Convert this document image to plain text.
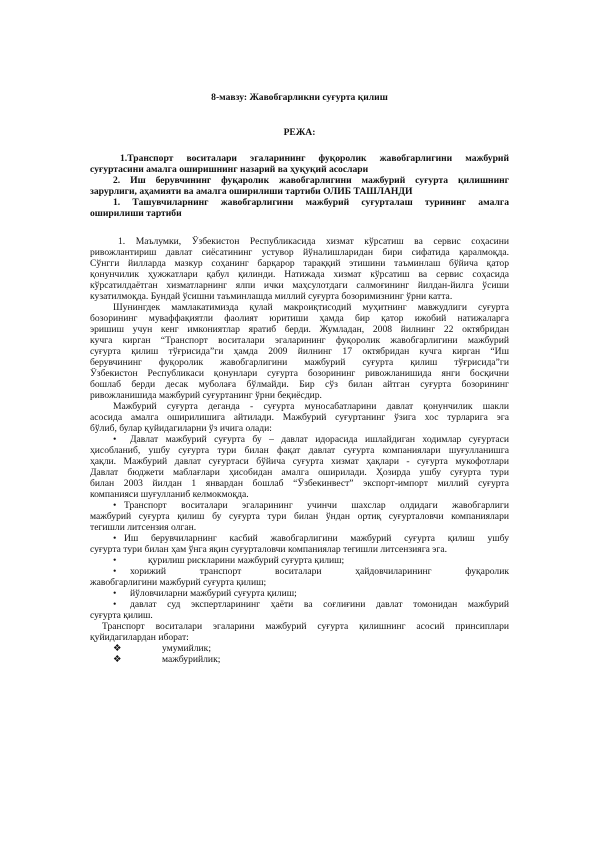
8-мавзу: Жавобгарликни суғурта қилиш
РЕЖА:
1.Транспорт воситалари эгаларининг фуқоролик жавобгарлигини мажбурий
суғуртасини амалга оширишнинг назарий ва ҳуқуқий асослари
2. Иш берувчининг фуқаролик жавобгарлигини мажбурий суғурта қилишнинг
зарурлиги, аҳамияти ва амалга оширилиши тартиби ОЛИБ ТАШЛАНДИ
1. Ташувчиларнинг жавобгарлигини мажбурий суғурталаш турининг амалга
оширилиши тартиби
1. Маълумки, Ўзбекистон Республикасида хизмат кўрсатиш ва сервис соҳасини
ривожлантириш давлат сиёсатининг устувор йўналишларидан бири сифатида қаралмоқда.
Сўнгги йилларда мазкур соҳанинг барқарор тараққий этишини таъминлаш бўйича қатор
қонунчилик ҳужжатлари қабул қилинди. Натижада хизмат кўрсатиш ва сервис соҳасида
кўрсатилдаётган хизматларнинг ялпи ички маҳсулотдаги салмоғининг йилдан-йилга ўсиши
кузатилмоқда. Бундай ўсишни таъминлашда миллий суғурта бозоримизнинг ўрни катта.
Шунингдек мамлакатимизда қулай макроиқтисодий муҳитнинг мавжудлиги суғурта
бозорининг муваффақиятли фаолият юритиши ҳамда бир қатор ижобий натижаларга
эришиш учун кенг имкониятлар яратиб берди. Жумладан, 2008 йилнинг 22 октябридан
кучга кирган “Транспорт воситалари эгаларининг фуқоролик жавобгарлигини мажбурий
суғурта қилиш тўғрисида”ги ҳамда 2009 йилнинг 17 октябридан кучга кирган “Иш
берувчининг фуқоролик жавобгарлигини мажбурий суғурта қилиш тўғрисида”ги
Ўзбекистон Республикаси қонунлари суғурта бозорининг ривожланишида янги босқични
бошлаб берди десак муболаға бўлмайди. Бир сўз билан айтган суғурта бозорининг
ривожланишида мажбурий суғуртанинг ўрни беқиёсдир.
Мажбурий суғурта деганда - суғурта муносабатларини давлат қонунчилик шакли
асосида амалга оширилишига айтилади. Мажбурий суғуртанинг ўзига хос турларига эга
бўлиб, булар қуйидагиларни ўз ичига олади:
•	Давлат мажбурий суғурта бу – давлат идорасида ишлайдиган ходимлар суғуртаси
ҳисобланиб, ушбу суғурта тури билан фақат давлат суғурта компаниялари шуғулланишга
ҳақли. Мажбурий давлат суғуртаси бўйича суғурта хизмат ҳақлари - суғурта мукофотлари
Давлат бюджети маблағлари ҳисобидан амалга оширилади. Ҳозирда ушбу суғурта тури
билан 2003 йилдан 1 январдан бошлаб “Ўзбекинвест” экспорт-импорт миллий суғурта
компанияси шуғулланиб келмокмоқда.
• Транспорт воситалари эгаларининг учинчи шахслар олдидаги жавобгарлиги
мажбурий суғурта қилиш бу суғурта тури билан ўндан ортиқ суғурталовчи компаниялари
тегишли литсензия олган.
• Иш берувчиларнинг касбий жавобгарлигини мажбурий суғурта қилиш ушбу
суғурта тури билан ҳам ўнга яқин суғурталовчи компаниялар тегишли литсензияга эга.
•	қурилиш рискларини мажбурий суғурта қилиш;
•	хорижий транспорт воситалари ҳайдовчиларининг фуқаролик
жавобгарлигини мажбурий суғурта қилиш;
•	йўловчиларни мажбурий суғурта қилиш;
•	давлат суд экспертларининг ҳаёти ва соғлиғини давлат томонидан мажбурий
суғурта қилиш.
Транспорт воситалари эгаларини мажбурий суғурта қилишнинг асосий принсиплари
қуйидагилардан иборат:
❖	умумийлик;
❖	мажбурийлик;
